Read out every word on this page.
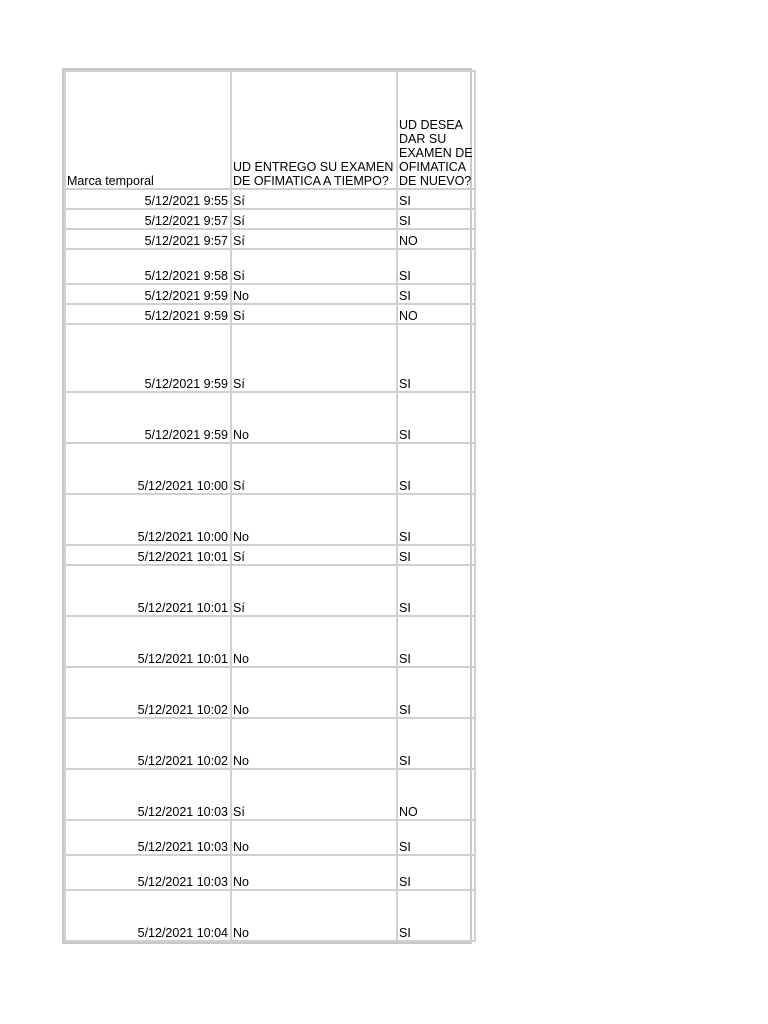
Marca temporal	UD ENTREGO SU EXAMEN DE OFIMATICA A TIEMPO?	UD DESEA DAR SU EXAMEN DE OFIMATICA DE NUEVO?
5/12/2021 9:55	Sí	SI
5/12/2021 9:57	Sí	SI
5/12/2021 9:57	Sí	NO
5/12/2021 9:58	Sí	SI
5/12/2021 9:59	No	SI
5/12/2021 9:59	Sí	NO
5/12/2021 9:59	Sí	SI
5/12/2021 9:59	No	SI
5/12/2021 10:00	Sí	SI
5/12/2021 10:00	No	SI
5/12/2021 10:01	Sí	SI
5/12/2021 10:01	Sí	SI
5/12/2021 10:01	No	SI
5/12/2021 10:02	No	SI
5/12/2021 10:02	No	SI
5/12/2021 10:03	Sí	NO
5/12/2021 10:03	No	SI
5/12/2021 10:03	No	SI
5/12/2021 10:04	No	SI
